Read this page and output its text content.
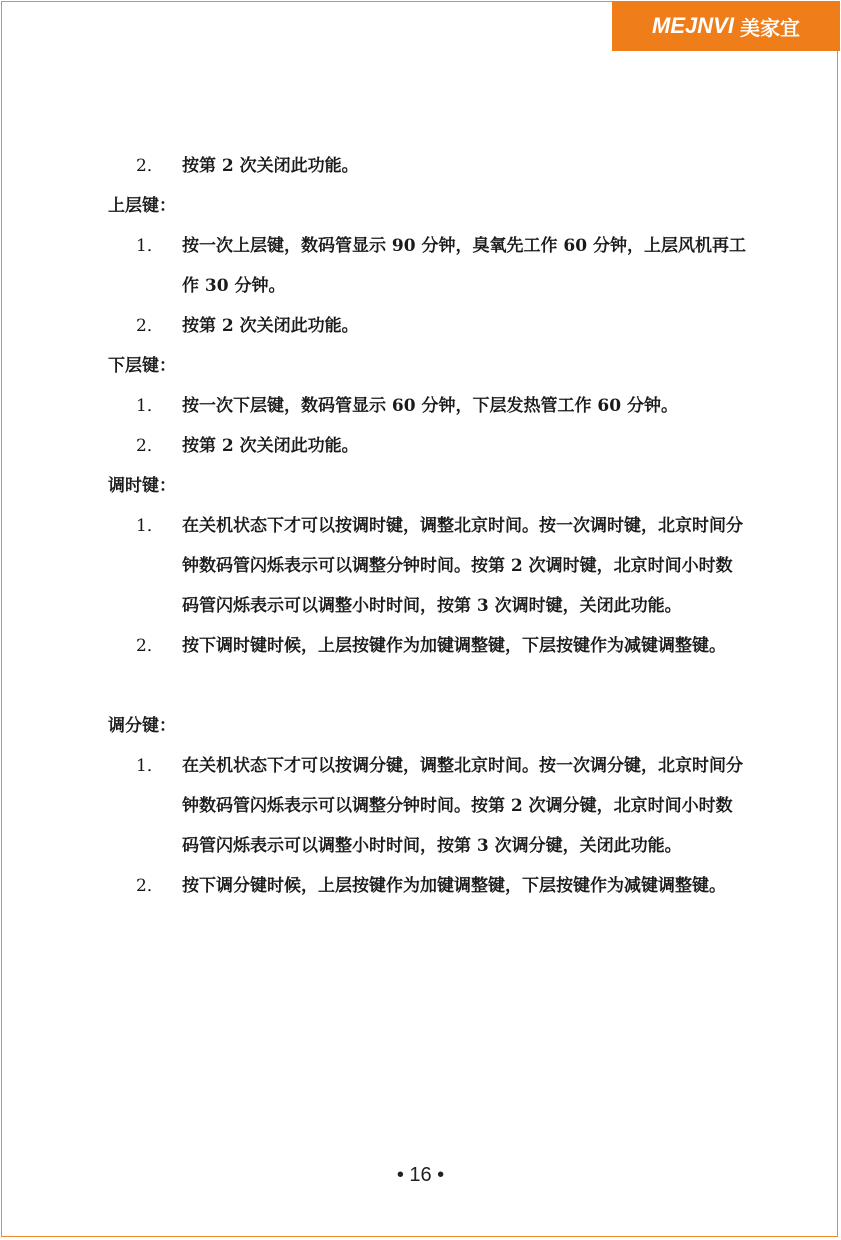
MEJNVI 美家宜
2．	按第 2 次关闭此功能。
上层键：
1．	按一次上层键，数码管显示 90 分钟，臭氧先工作 60 分钟，上层风机再工作 30 分钟。
2．	按第 2 次关闭此功能。
下层键：
1．	按一次下层键，数码管显示 60 分钟，下层发热管工作 60 分钟。
2．	按第 2 次关闭此功能。
调时键：
1．	在关机状态下才可以按调时键，调整北京时间。按一次调时键，北京时间分钟数码管闪烁表示可以调整分钟时间。按第 2 次调时键，北京时间小时数码管闪烁表示可以调整小时时间，按第 3 次调时键，关闭此功能。
2．	按下调时键时候，上层按键作为加键调整键，下层按键作为减键调整键。
调分键：
1．	在关机状态下才可以按调分键，调整北京时间。按一次调分键，北京时间分钟数码管闪烁表示可以调整分钟时间。按第 2 次调分键，北京时间小时数码管闪烁表示可以调整小时时间，按第 3 次调分键，关闭此功能。
2．	按下调分键时候，上层按键作为加键调整键，下层按键作为减键调整键。
• 16 •
